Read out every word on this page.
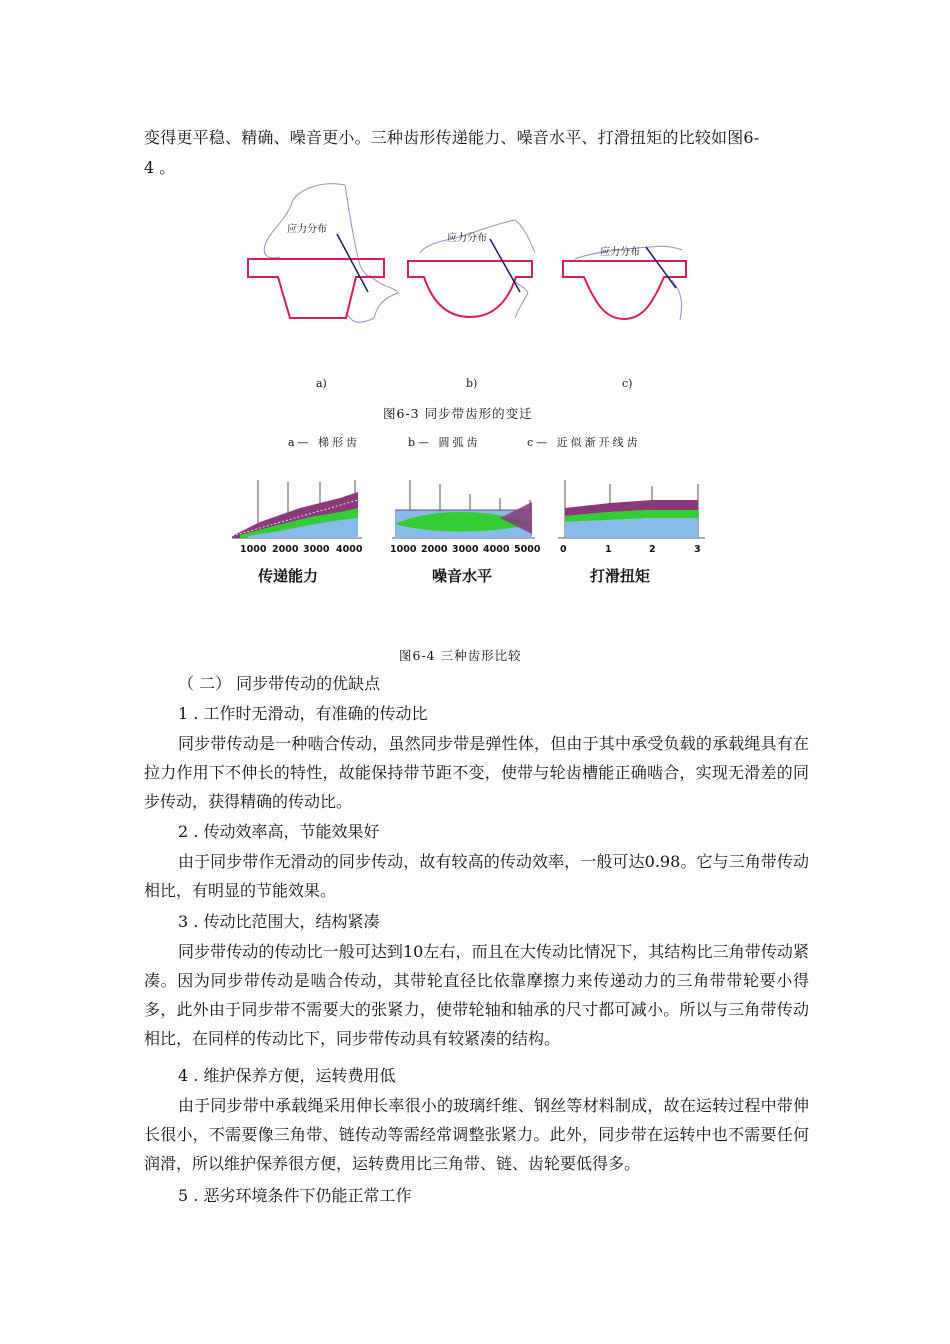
变得更平稳、精确、噪音更小。三种齿形传递能力、噪音水平、打滑扭矩的比较如图6-
4 。
应力分布
应力分布
应力分布
a)	b)	c)
图6-3 同步带齿形的变迁
a— 梯形齿	b— 圆弧齿	c— 近似渐开线齿
1000 2000 3000 4000	1000 2000 3000 4000 5000 0	1	2	3
传递能力	噪音水平	打滑扭矩
图6-4 三种齿形比较
（ 二） 同步带传动的优缺点
1 . 工作时无滑动，有准确的传动比

同步带传动是一种啮合传动，虽然同步带是弹性体，但由于其中承受负载的承载绳具有在拉力作用下不伸长的特性，故能保持带节距不变，使带与轮齿槽能正确啮合，实现无滑差的同步传动，获得精确的传动比。

2 . 传动效率高，节能效果好

由于同步带作无滑动的同步传动，故有较高的传动效率，一般可达0.98。它与三角带传动相比，有明显的节能效果。

3 . 传动比范围大，结构紧凑

同步带传动的传动比一般可达到10左右，而且在大传动比情况下，其结构比三角带传动紧凑。因为同步带传动是啮合传动，其带轮直径比依靠摩擦力来传递动力的三角带带轮要小得多，此外由于同步带不需要大的张紧力，使带轮轴和轴承的尺寸都可减小。所以与三角带传动相比，在同样的传动比下，同步带传动具有较紧凑的结构。

4 . 维护保养方便，运转费用低

由于同步带中承载绳采用伸长率很小的玻璃纤维、钢丝等材料制成，故在运转过程中带伸长很小，不需要像三角带、链传动等需经常调整张紧力。此外，同步带在运转中也不需要任何润滑，所以维护保养很方便，运转费用比三角带、链、齿轮要低得多。

5 . 恶劣环境条件下仍能正常工作
